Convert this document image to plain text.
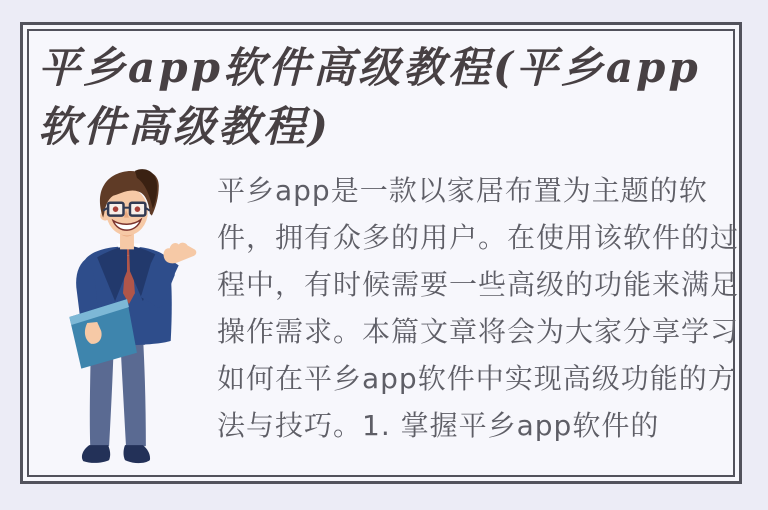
平乡app软件高级教程(平乡app软件高级教程)

平乡app是一款以家居布置为主题的软件，拥有众多的用户。在使用该软件的过程中，有时候需要一些高级的功能来满足操作需求。本篇文章将会为大家分享学习如何在平乡app软件中实现高级功能的方法与技巧。1. 掌握平乡app软件的
